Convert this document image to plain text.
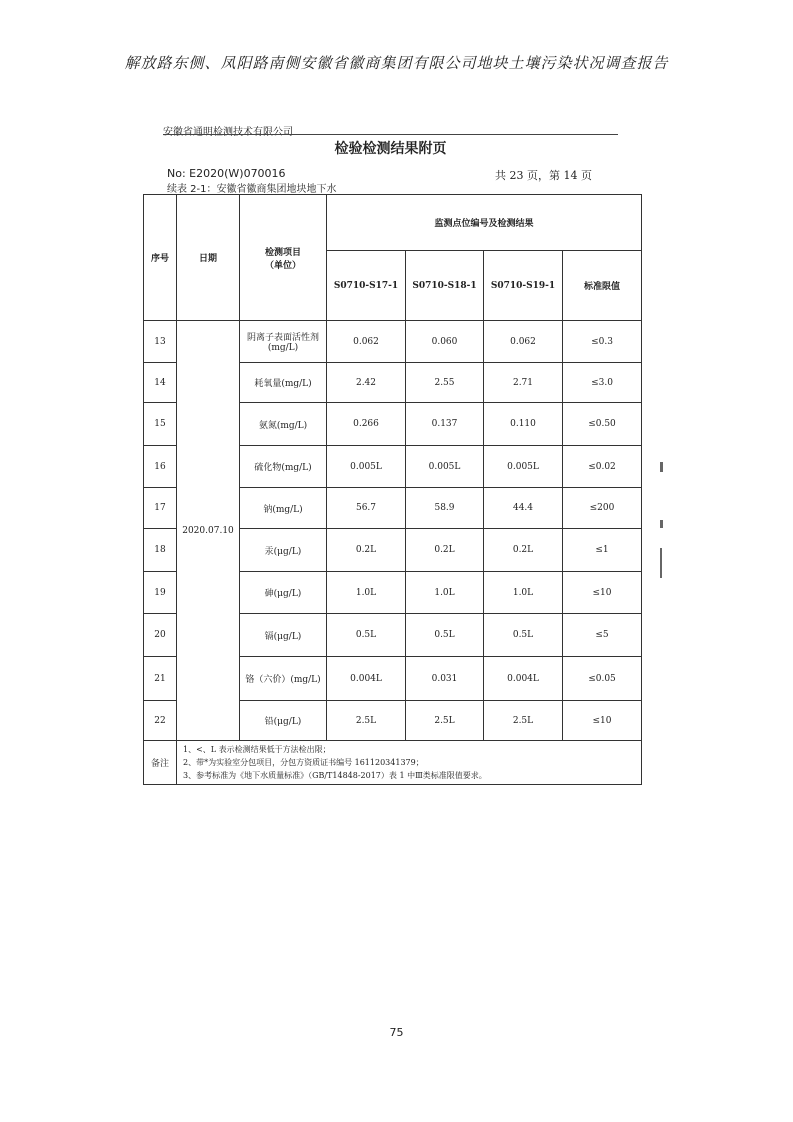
解放路东侧、凤阳路南侧安徽省徽商集团有限公司地块土壤污染状况调查报告
安徽省通明检测技术有限公司
检验检测结果附页
No: E2020(W)070016	共 23 页，第 14 页
续表 2-1：安徽省徽商集团地块地下水
序号	日期	检测项目
（单位）	监测点位编号及检测结果			
			S0710-S17-1	S0710-S18-1	S0710-S19-1	标准限值
13	2020.07.10	阴离子表面活性剂(mg/L)	0.062	0.060	0.062	≤0.3
14		耗氧量(mg/L)	2.42	2.55	2.71	≤3.0
15		氨氮(mg/L)	0.266	0.137	0.110	≤0.50
16		硫化物(mg/L)	0.005L	0.005L	0.005L	≤0.02
17		钠(mg/L)	56.7	58.9	44.4	≤200
18		汞(μg/L)	0.2L	0.2L	0.2L	≤1
19		砷(μg/L)	1.0L	1.0L	1.0L	≤10
20		镉(μg/L)	0.5L	0.5L	0.5L	≤5
21		铬（六价）(mg/L)	0.004L	0.031	0.004L	≤0.05
22		铅(μg/L)	2.5L	2.5L	2.5L	≤10
备注	1、<、L 表示检测结果低于方法检出限；
2、带*为实验室分包项目，分包方资质证书编号 161120341379；
3、参考标准为《地下水质量标准》（GB/T14848-2017）表 1 中Ⅲ类标准限值要求。					
75
